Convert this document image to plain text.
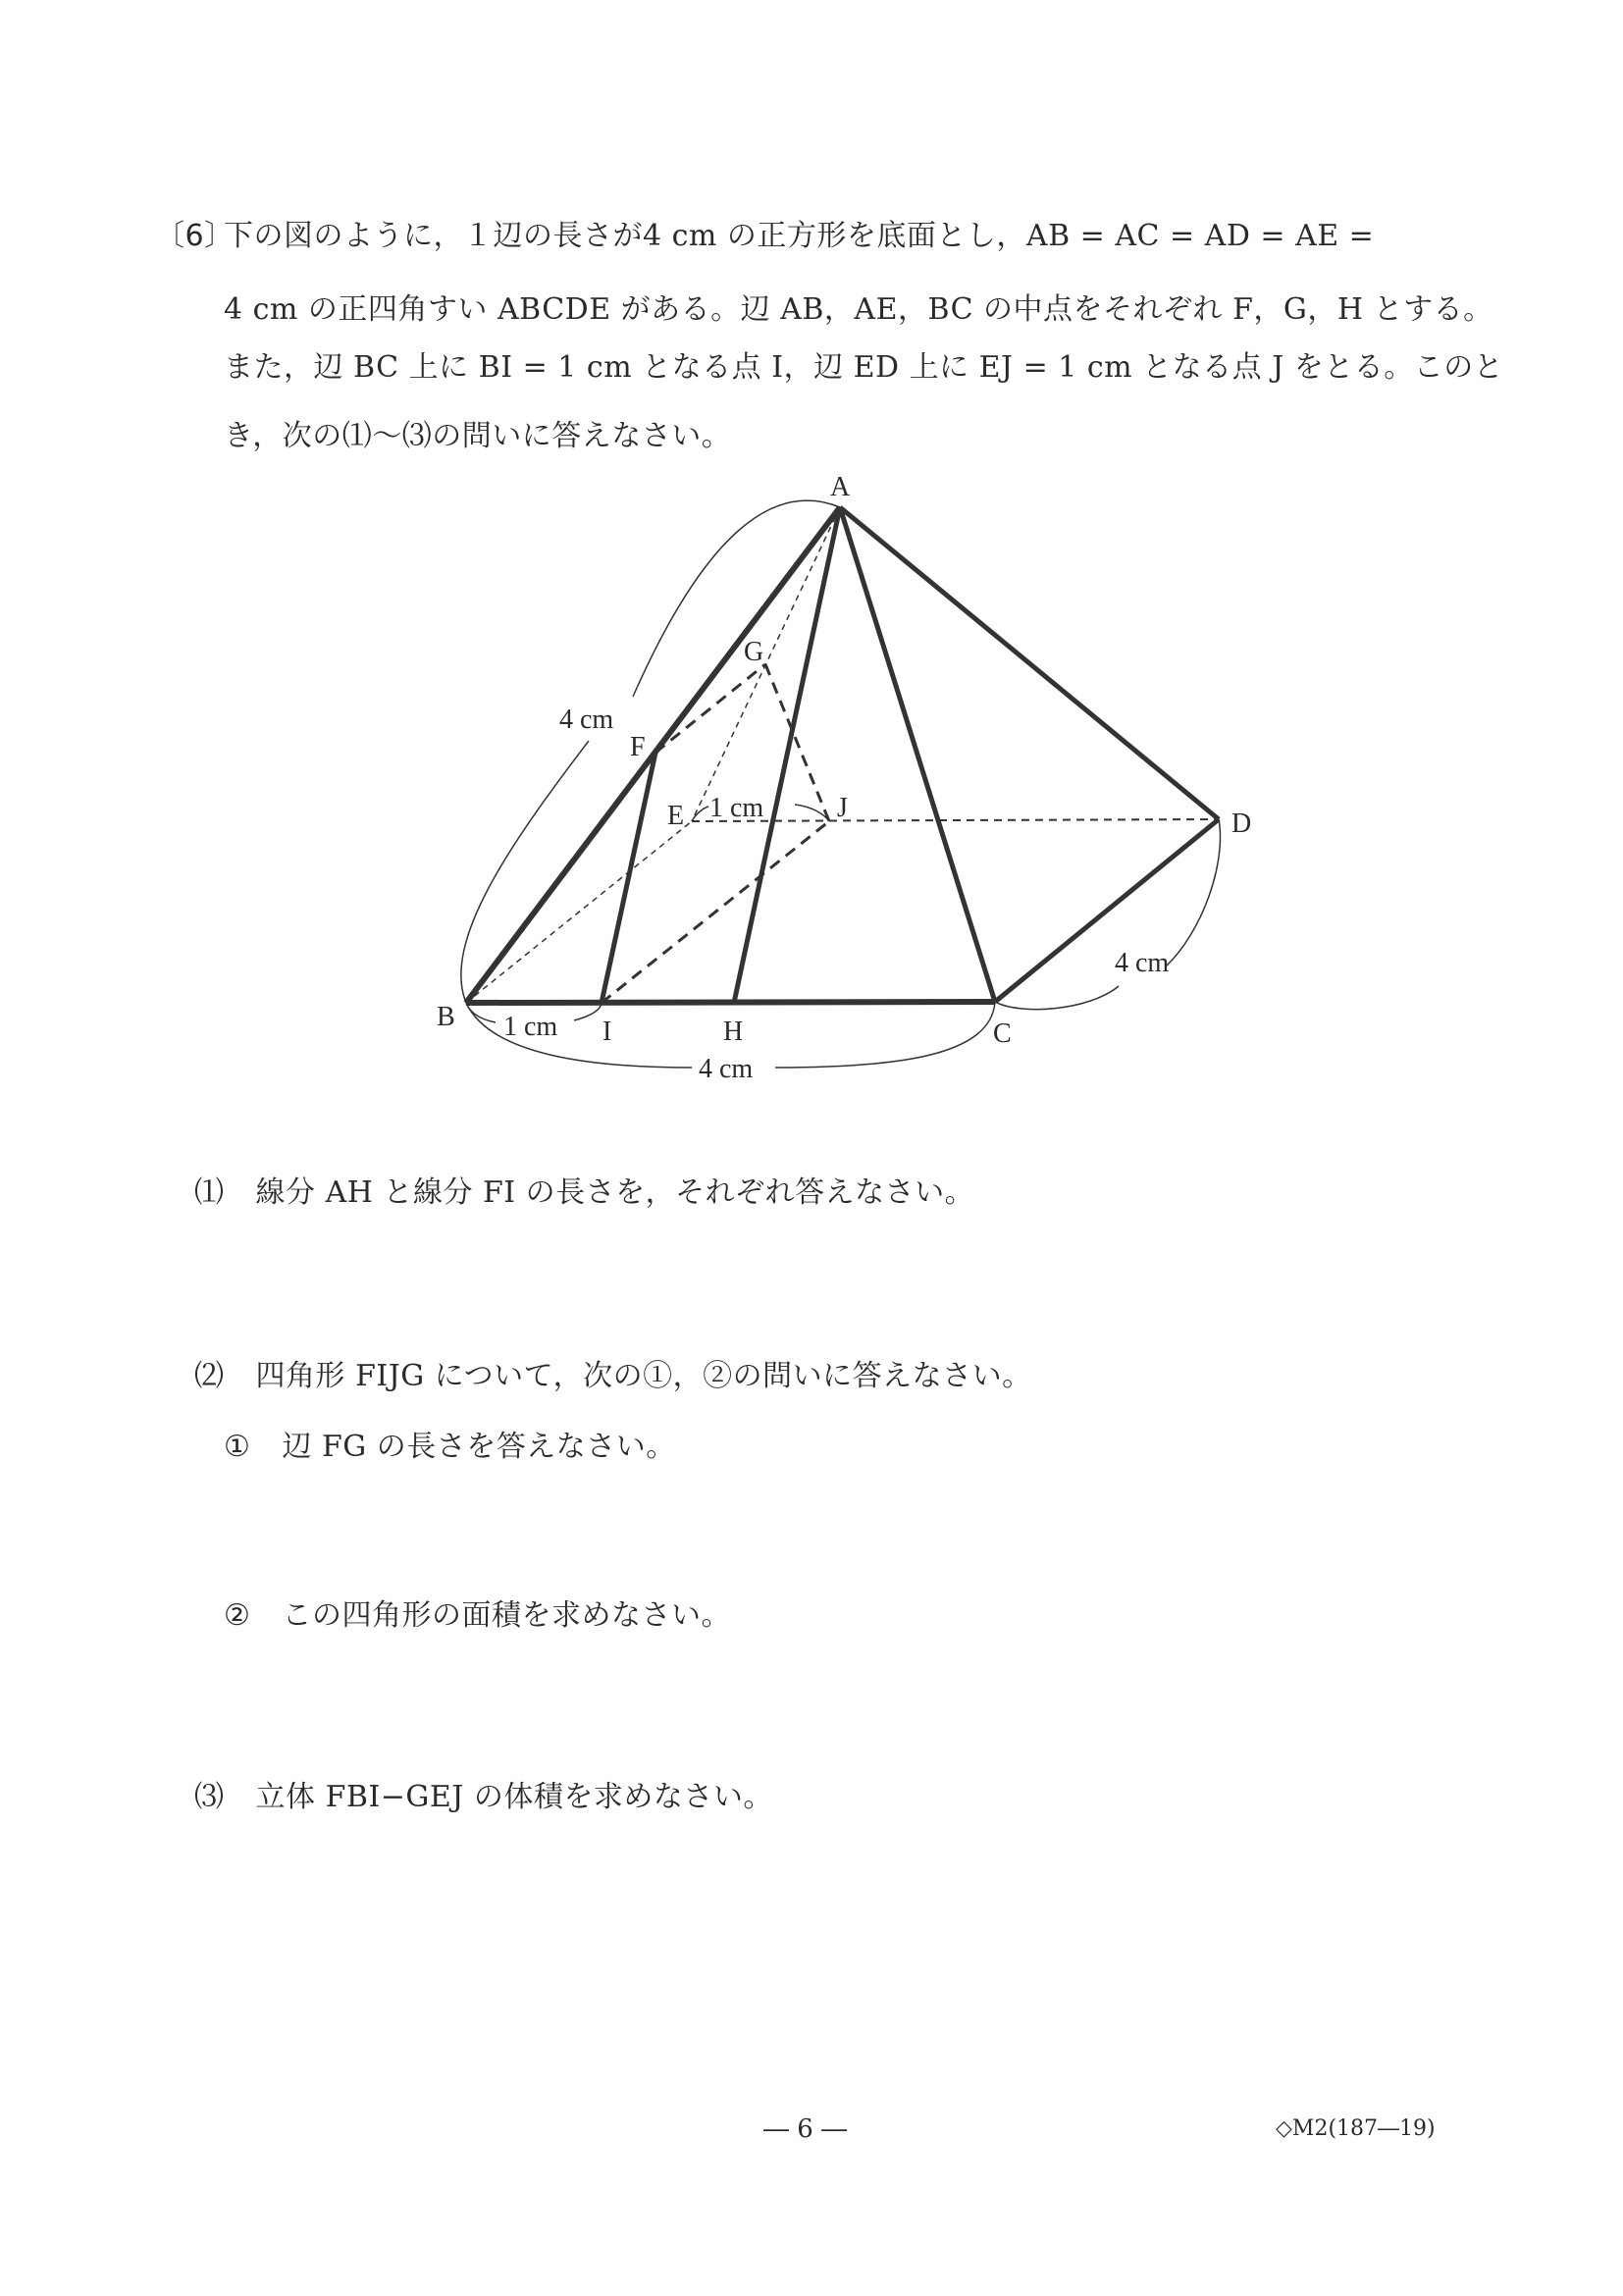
〔6〕
下の図のように，１辺の長さが4 cm の正方形を底面とし，AB = AC = AD = AE =
4 cm の正四角すい ABCDE がある。辺 AB，AE，BC の中点をそれぞれ F，G，H とする。
また，辺 BC 上に BI = 1 cm となる点 I，辺 ED 上に EJ = 1 cm となる点 J をとる。このと
き，次の⑴～⑶の問いに答えなさい。
A
B
C
D
E
F
G
H
I
J
4 cm
4 cm
1 cm
1 cm
4 cm
⑴ 線分 AH と線分 FI の長さを，それぞれ答えなさい。
⑵ 四角形 FIJG について，次の①，②の問いに答えなさい。
① 辺 FG の長さを答えなさい。
② この四角形の面積を求めなさい。
⑶ 立体 FBI−GEJ の体積を求めなさい。
― 6 ―	◇M2(187―19)
